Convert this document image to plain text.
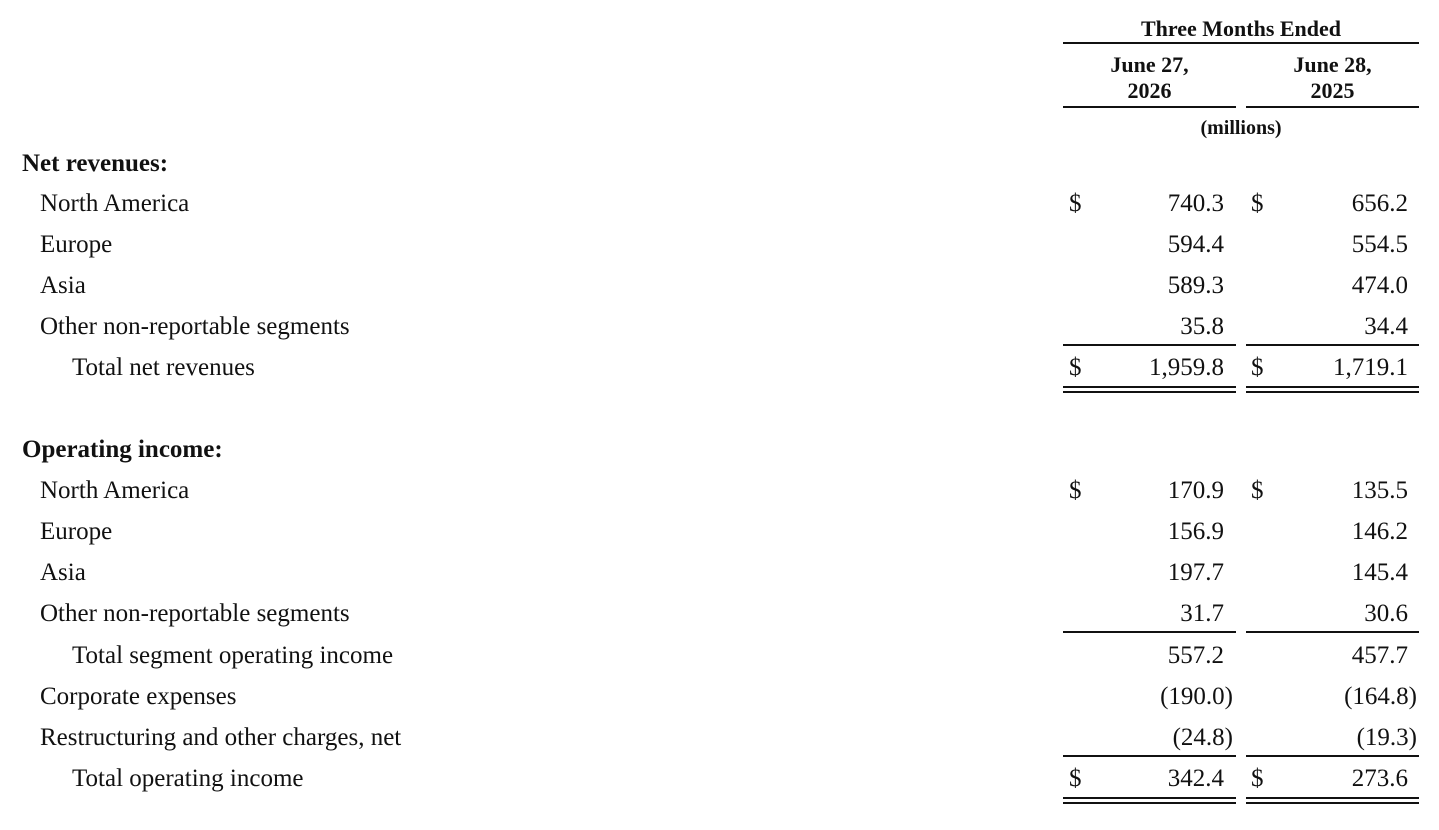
Three Months Ended
June 27,
2026
June 28,
2025
(millions)
Net revenues:
North America	$	740.3 $	656.2
Europe	594.4	554.5
Asia	589.3	474.0
Other non-reportable segments	35.8	34.4
Total net revenues	$	1,959.8 $	1,719.1
Operating income:
North America	$	170.9 $	135.5
Europe	156.9	146.2
Asia	197.7	145.4
Other non-reportable segments	31.7	30.6
Total segment operating income	557.2	457.7
Corporate expenses	(190.0)	(164.8)
Restructuring and other charges, net	(24.8)	(19.3)
Total operating income	$	342.4 $	273.6
